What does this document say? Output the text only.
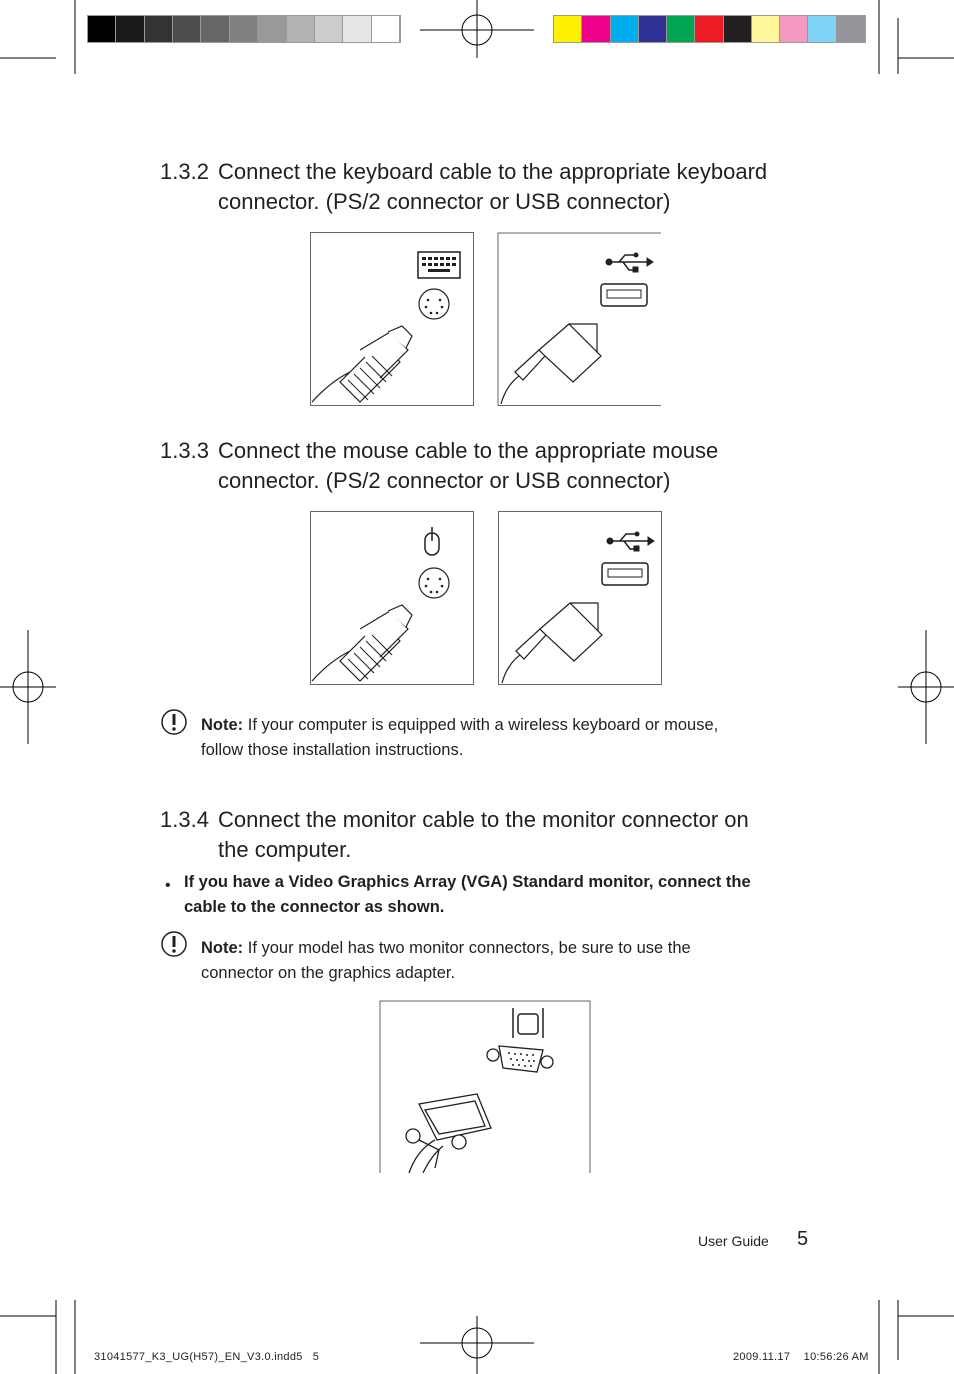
1.3.2 Connect the keyboard cable to the appropriate keyboard
connector. (PS/2 connector or USB connector)
1.3.3 Connect the mouse cable to the appropriate mouse
connector. (PS/2 connector or USB connector)
Note: If your computer is equipped with a wireless keyboard or mouse,
follow those installation instructions.
1.3.4 Connect the monitor cable to the monitor connector on
the computer.
• If you have a Video Graphics Array (VGA) Standard monitor, connect the
cable to the connector as shown.
Note: If your model has two monitor connectors, be sure to use the
connector on the graphics adapter.
User Guide 5
31041577_K3_UG(H57)_EN_V3.0.indd5   5	2009.11.17    10:56:26 AM
